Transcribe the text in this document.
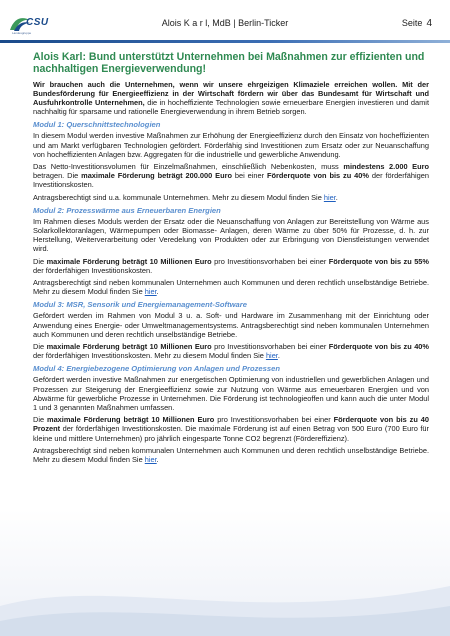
CSU
Landesgruppe
Alois K a r l, MdB | Berlin-Ticker	Seite 4
Alois Karl: Bund unterstützt Unternehmen bei Maßnahmen zur effizienten und nachhaltigen Energieverwendung!

Wir brauchen auch die Unternehmen, wenn wir unsere ehrgeizigen Klimaziele erreichen wollen. Mit der Bundesförderung für Energieeffizienz in der Wirtschaft fördern wir über das Bundesamt für Wirtschaft und Ausfuhrkontrolle Unternehmen, die in hocheffiziente Technologien sowie erneuerbare Energien investieren und damit nachhaltig für sparsame und rationelle Energieverwendung in ihrem Betrieb sorgen.

Modul 1: Querschnittstechnologien

In diesem Modul werden investive Maßnahmen zur Erhöhung der Energieeffizienz durch den Einsatz von hocheffizienten und am Markt verfügbaren Technologien gefördert. Förderfähig sind Investitionen zum Ersatz oder zur Neuanschaffung von hocheffizienten Anlagen bzw. Aggregaten für die industrielle und gewerbliche Anwendung.

Das Netto-Investitionsvolumen für Einzelmaßnahmen, einschließlich Nebenkosten, muss mindestens 2.000 Euro betragen. Die maximale Förderung beträgt 200.000 Euro bei einer Förderquote von bis zu 40% der förderfähigen Investitionskosten.

Antragsberechtigt sind u.a. kommunale Unternehmen. Mehr zu diesem Modul finden Sie hier.

Modul 2: Prozesswärme aus Erneuerbaren Energien

Im Rahmen dieses Moduls werden der Ersatz oder die Neuanschaffung von Anlagen zur Bereitstellung von Wärme aus Solarkollektoranlagen, Wärmepumpen oder Biomasse- Anlagen, deren Wärme zu über 50% für Prozesse, d. h. zur Herstellung, Weiterverarbeitung oder Veredelung von Produkten oder zur Erbringung von Dienstleistungen verwendet wird.

Die maximale Förderung beträgt 10 Millionen Euro pro Investitionsvorhaben bei einer Förderquote von bis zu 55% der förderfähigen Investitionskosten.

Antragsberechtigt sind neben kommunalen Unternehmen auch Kommunen und deren rechtlich unselbständige Betriebe. Mehr zu diesem Modul finden Sie hier.

Modul 3: MSR, Sensorik und Energiemanagement-Software

Gefördert werden im Rahmen von Modul 3 u. a. Soft- und Hardware im Zusammenhang mit der Einrichtung oder Anwendung eines Energie- oder Umweltmanagementsystems. Antragsberechtigt sind neben kommunalen Unternehmen auch Kommunen und deren rechtlich unselbständige Betriebe.

Die maximale Förderung beträgt 10 Millionen Euro pro Investitionsvorhaben bei einer Förderquote von bis zu 40% der förderfähigen Investitionskosten. Mehr zu diesem Modul finden Sie hier.

Modul 4: Energiebezogene Optimierung von Anlagen und Prozessen

Gefördert werden investive Maßnahmen zur energetischen Optimierung von industriellen und gewerblichen Anlagen und Prozessen zur Steigerung der Energieeffizienz sowie zur Nutzung von Wärme aus erneuerbaren Energien und von Abwärme für gewerbliche Prozesse in Unternehmen. Die Förderung ist technologieoffen und kann auch die unter Modul 1 und 3 genannten Maßnahmen umfassen.

Die maximale Förderung beträgt 10 Millionen Euro pro Investitionsvorhaben bei einer Förderquote von bis zu 40 Prozent der förderfähigen Investitionskosten. Die maximale Förderung ist auf einen Betrag von 500 Euro (700 Euro für kleine und mittlere Unternehmen) pro jährlich eingesparte Tonne CO2 begrenzt (Fördereffizienz).

Antragsberechtigt sind neben kommunalen Unternehmen auch Kommunen und deren rechtlich unselbständige Betriebe. Mehr zu diesem Modul finden Sie hier.
